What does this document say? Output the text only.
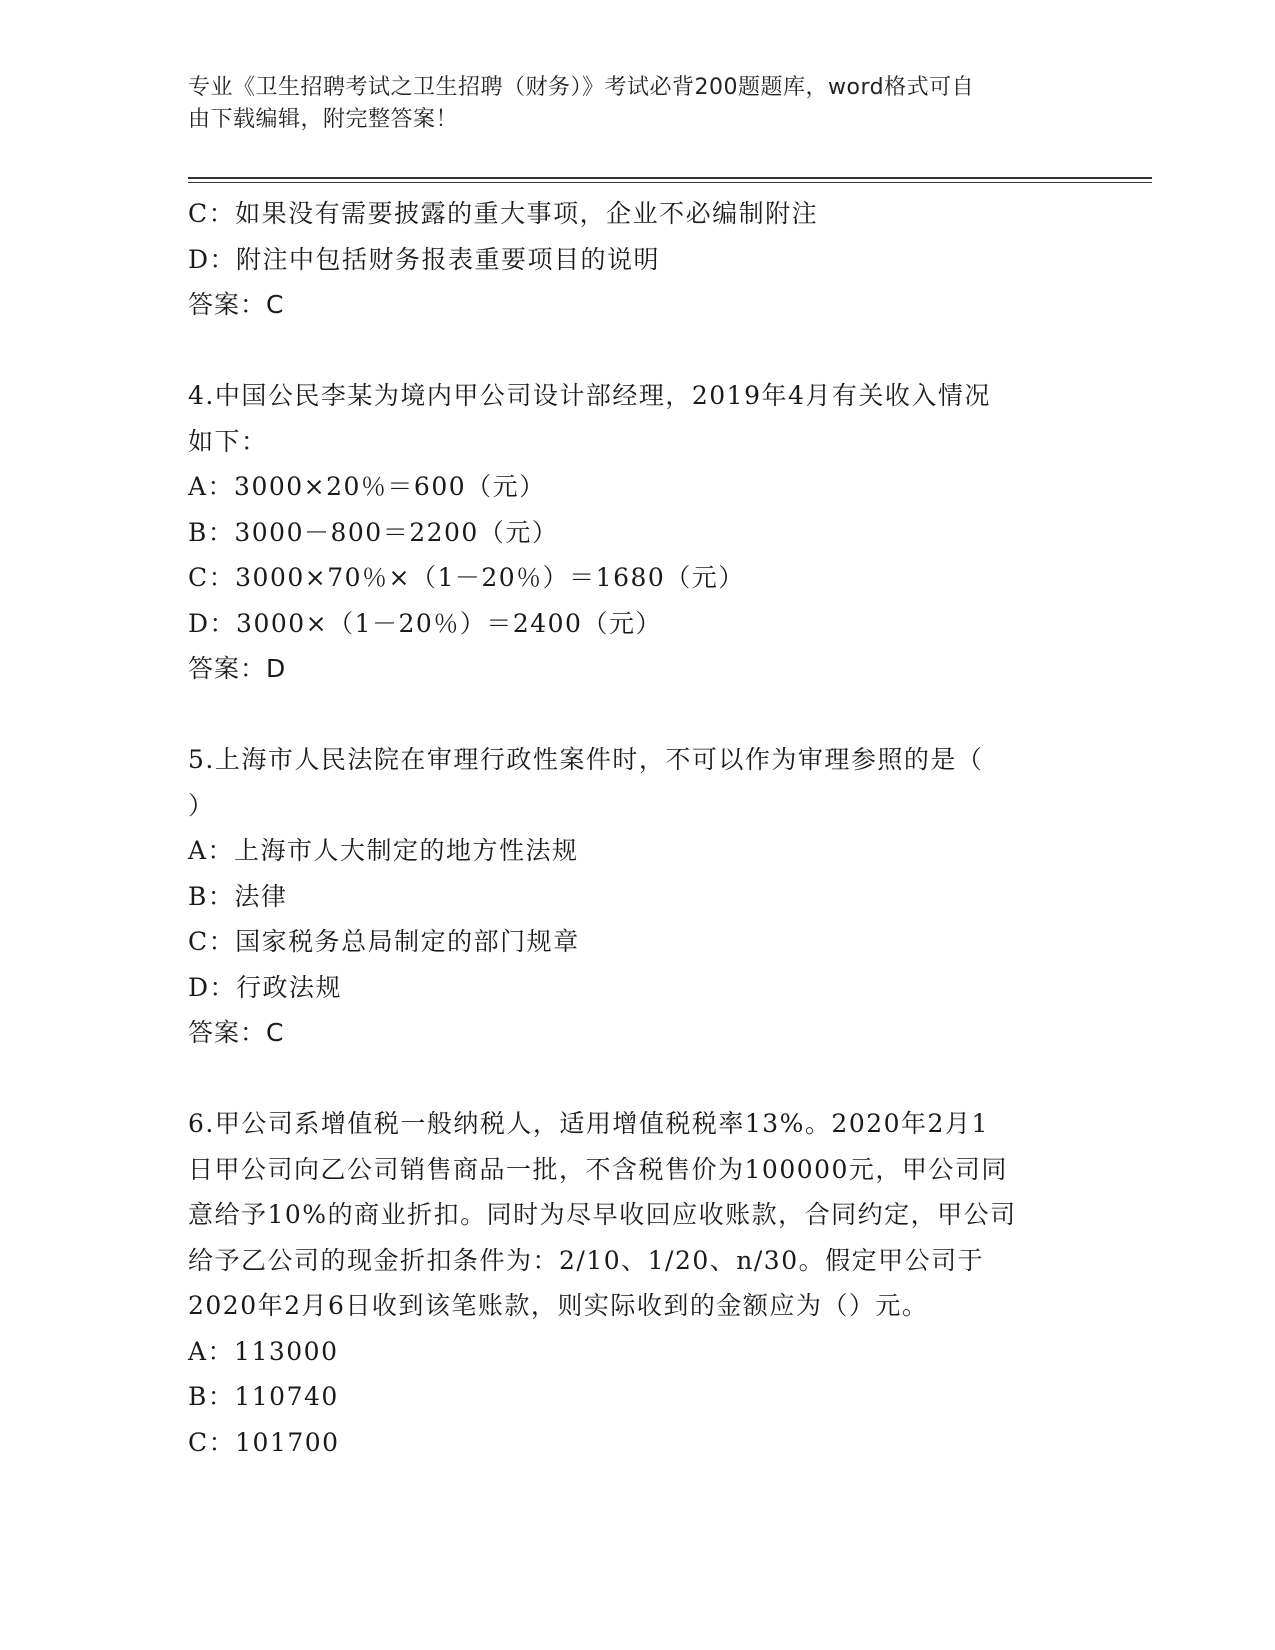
专业《卫生招聘考试之卫生招聘（财务）》考试必背200题题库，word格式可自
由下载编辑，附完整答案！
C：如果没有需要披露的重大事项，企业不必编制附注
D：附注中包括财务报表重要项目的说明
答案：C
4.中国公民李某为境内甲公司设计部经理，2019年4月有关收入情况
如下：
A：3000×20％＝600（元）
B：3000－800＝2200（元）
C：3000×70％×（1－20％）＝1680（元）
D：3000×（1－20％）＝2400（元）
答案：D
5.上海市人民法院在审理行政性案件时，不可以作为审理参照的是（
）
A：上海市人大制定的地方性法规
B：法律
C：国家税务总局制定的部门规章
D：行政法规
答案：C
6.甲公司系增值税一般纳税人，适用增值税税率13%。2020年2月1
日甲公司向乙公司销售商品一批，不含税售价为100000元，甲公司同
意给予10%的商业折扣。同时为尽早收回应收账款，合同约定，甲公司
给予乙公司的现金折扣条件为：2/10、1/20、n/30。假定甲公司于
2020年2月6日收到该笔账款，则实际收到的金额应为（）元。
A：113000
B：110740
C：101700
